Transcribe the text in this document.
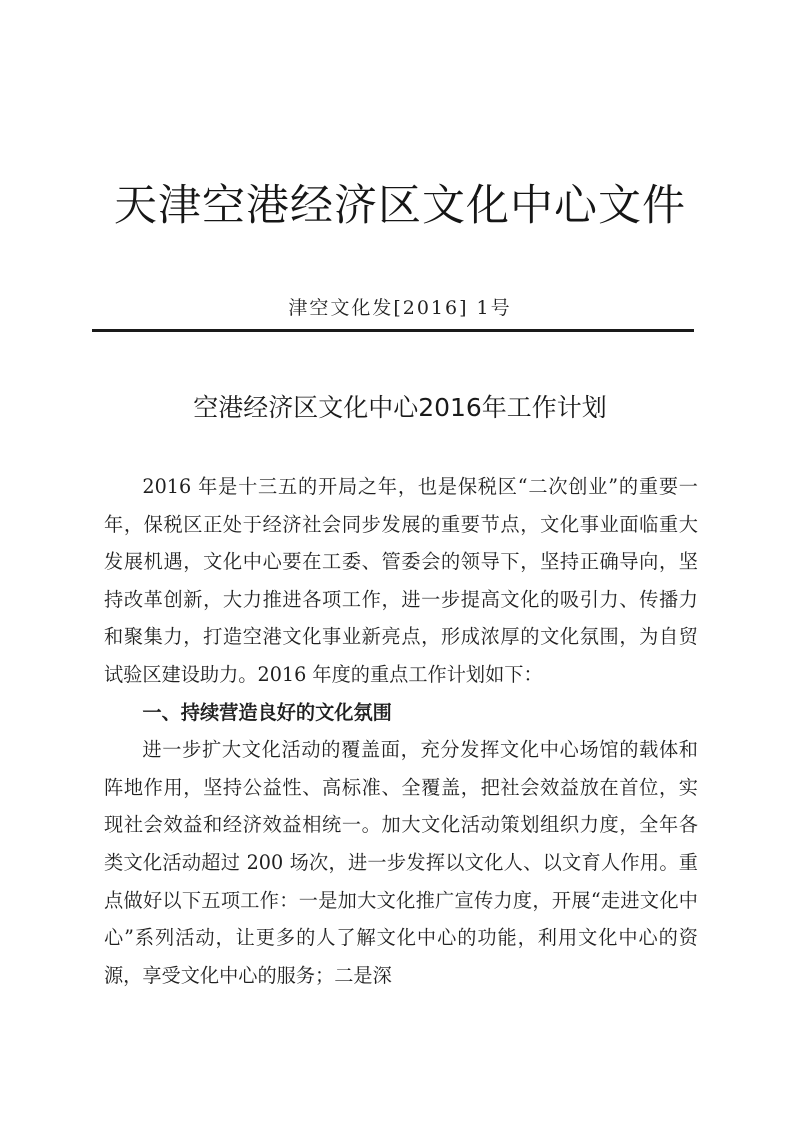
天津空港经济区文化中心文件
津空文化发[2016] 1号
空港经济区文化中心2016年工作计划

2016 年是十三五的开局之年，也是保税区“二次创业”的重要一年，保税区正处于经济社会同步发展的重要节点，文化事业面临重大发展机遇，文化中心要在工委、管委会的领导下，坚持正确导向，坚持改革创新，大力推进各项工作，进一步提高文化的吸引力、传播力和聚集力，打造空港文化事业新亮点，形成浓厚的文化氛围，为自贸试验区建设助力。2016 年度的重点工作计划如下：

一、持续营造良好的文化氛围

进一步扩大文化活动的覆盖面，充分发挥文化中心场馆的载体和阵地作用，坚持公益性、高标准、全覆盖，把社会效益放在首位，实现社会效益和经济效益相统一。加大文化活动策划组织力度，全年各类文化活动超过 200 场次，进一步发挥以文化人、以文育人作用。重点做好以下五项工作：一是加大文化推广宣传力度，开展“走进文化中心”系列活动，让更多的人了解文化中心的功能，利用文化中心的资源，享受文化中心的服务；二是深
